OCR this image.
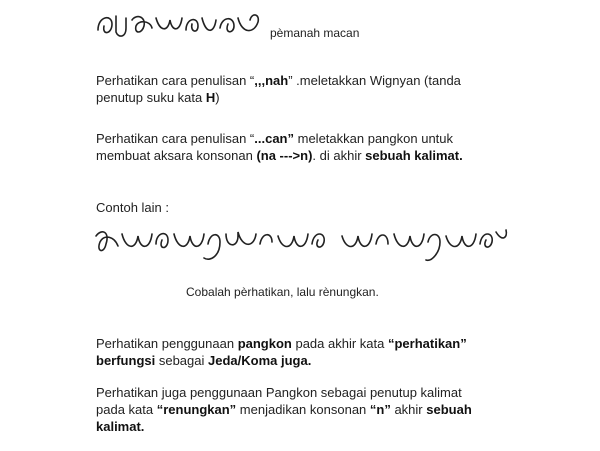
pèmanah macan
Perhatikan cara penulisan “,,,nah” .meletakkan Wignyan (tanda
penutup suku kata H)
Perhatikan cara penulisan “...can” meletakkan pangkon untuk
membuat aksara konsonan (na --->n). di akhir sebuah kalimat.
Contoh lain :
Cobalah pèrhatikan, lalu rènungkan.
Perhatikan penggunaan pangkon pada akhir kata “perhatikan”
berfungsi sebagai Jeda/Koma juga.
Perhatikan juga penggunaan Pangkon sebagai penutup kalimat
pada kata “renungkan” menjadikan konsonan “n” akhir sebuah
kalimat.
